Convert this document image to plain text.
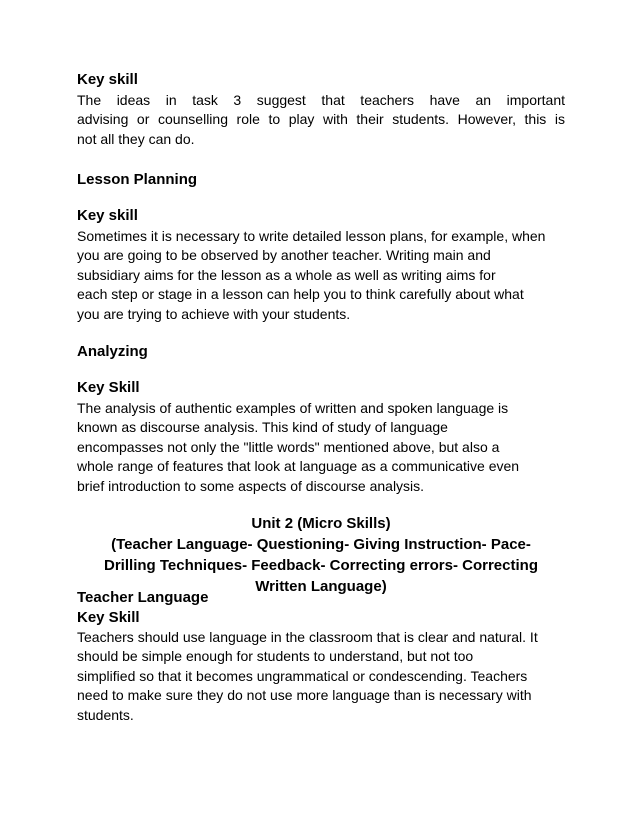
Key skill
The ideas in task 3 suggest that teachers have an important
advising or counselling role to play with their students. However, this is
not all they can do.
Lesson Planning
Key skill
Sometimes it is necessary to write detailed lesson plans, for example, when
you are going to be observed by another teacher. Writing main and
subsidiary aims for the lesson as a whole as well as writing aims for
each step or stage in a lesson can help you to think carefully about what
you are trying to achieve with your students.
Analyzing
Key Skill
The analysis of authentic examples of written and spoken language is
known as discourse analysis. This kind of study of language
encompasses not only the "little words" mentioned above, but also a
whole range of features that look at language as a communicative even
brief introduction to some aspects of discourse analysis.
Unit 2 (Micro Skills)
(Teacher Language- Questioning- Giving Instruction- Pace-
Drilling Techniques- Feedback- Correcting errors- Correcting
Written Language)
Teacher Language
Key Skill
Teachers should use language in the classroom that is clear and natural. It
should be simple enough for students to understand, but not too
simplified so that it becomes ungrammatical or condescending. Teachers
need to make sure they do not use more language than is necessary with
students.
